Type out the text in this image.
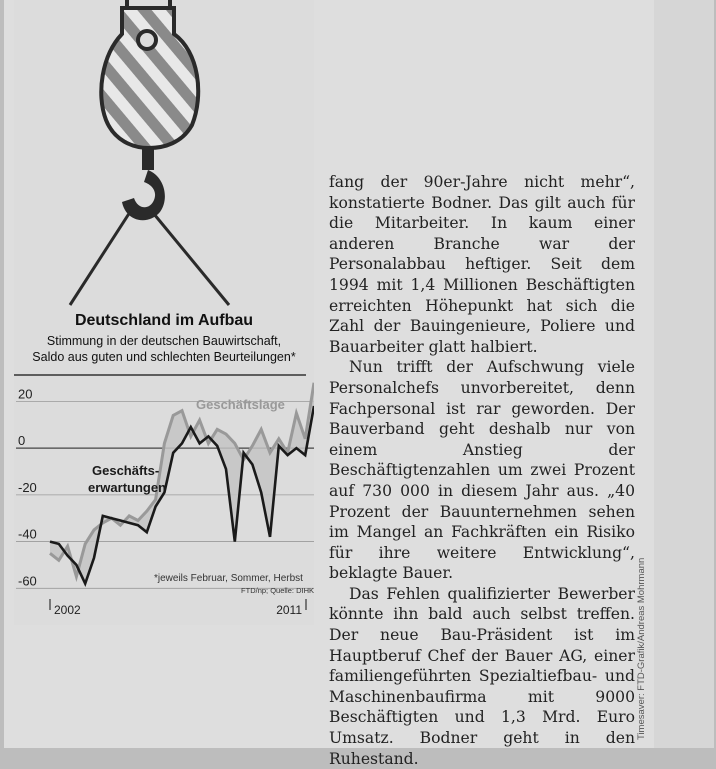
Deutschland im Aufbau
Stimmung in der deutschen Bauwirtschaft,
Saldo aus guten und schlechten Beurteilungen*
20
0
-20
-40
-60
Geschäftslage
Geschäfts-
erwartungen
*jeweils Februar, Sommer, Herbst
FTD/np; Quelle: DIHK
2002	2011

fang der 90er-Jahre nicht mehr“, konstatierte Bodner. Das gilt auch für die Mitarbeiter. In kaum einer anderen Branche war der Personalabbau heftiger. Seit dem 1994 mit 1,4 Millionen Beschäftigten erreichten Höhepunkt hat sich die Zahl der Bauingenieure, Poliere und Bauarbeiter glatt halbiert.

Nun trifft der Aufschwung viele Personalchefs unvorbereitet, denn Fachpersonal ist rar geworden. Der Bauverband geht deshalb nur von einem Anstieg der Beschäftigtenzahlen um zwei Prozent auf 730 000 in diesem Jahr aus. „40 Prozent der Bauunternehmen sehen im Mangel an Fachkräften ein Risiko für ihre weitere Entwicklung“, beklagte Bauer.

Das Fehlen qualifizierter Bewerber könnte ihn bald auch selbst treffen. Der neue Bau-Präsident ist im Hauptberuf Chef der Bauer AG, einer familiengeführten Spezialtiefbau- und Maschinenbaufirma mit 9000 Beschäftigten und 1,3 Mrd. Euro Umsatz. Bodner geht in den Ruhestand.

Timesaver: FTD-Grafik/Andreas Mohrmann
